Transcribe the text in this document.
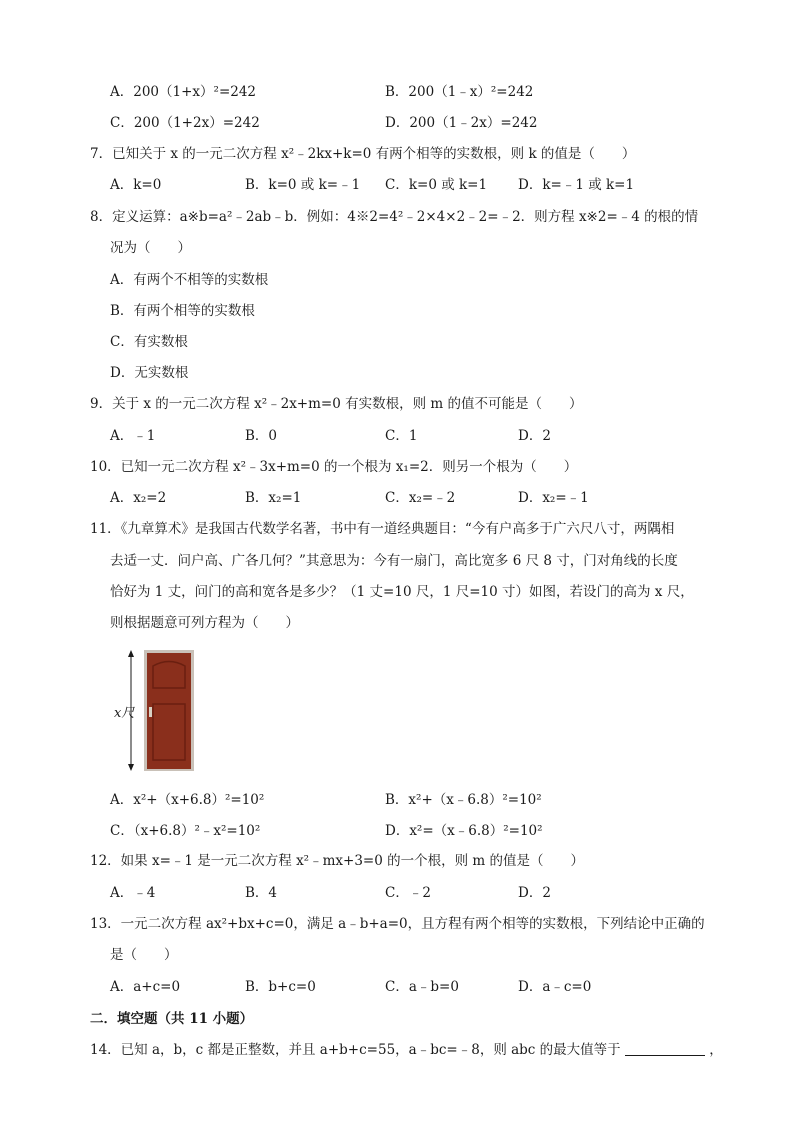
A．200（1+x）²=242	B．200（1﹣x）²=242
C．200（1+2x）=242	D．200（1﹣2x）=242
7．已知关于 x 的一元二次方程 x²﹣2kx+k=0 有两个相等的实数根，则 k 的值是（　　）
A．k=0	B．k=0 或 k=﹣1 C．k=0 或 k=1 D．k=﹣1 或 k=1
8．定义运算：a※b=a²﹣2ab﹣b．例如：4※2=4²﹣2×4×2﹣2=﹣2．则方程 x※2=﹣4 的根的情
况为（　　）
A．有两个不相等的实数根
B．有两个相等的实数根
C．有实数根
D．无实数根
9．关于 x 的一元二次方程 x²﹣2x+m=0 有实数根，则 m 的值不可能是（　　）
A．﹣1	B．0	C．1	D．2
10．已知一元二次方程 x²﹣3x+m=0 的一个根为 x₁=2．则另一个根为（　　）
A．x₂=2	B．x₂=1	C．x₂=﹣2	D．x₂=﹣1
11．《九章算术》是我国古代数学名著，书中有一道经典题目：“今有户高多于广六尺八寸，两隅相
去适一丈．问户高、广各几何？”其意思为：今有一扇门，高比宽多 6 尺 8 寸，门对角线的长度
恰好为 1 丈，问门的高和宽各是多少？（1 丈=10 尺，1 尺=10 寸）如图，若设门的高为 x 尺，
则根据题意可列方程为（　　）
x尺
A．x²+（x+6.8）²=10²	B．x²+（x﹣6.8）²=10²
C．（x+6.8）²﹣x²=10²	D．x²=（x﹣6.8）²=10²
12．如果 x=﹣1 是一元二次方程 x²﹣mx+3=0 的一个根，则 m 的值是（　　）
A．﹣4	B．4	C．﹣2	D．2
13．一元二次方程 ax²+bx+c=0，满足 a﹣b+a=0，且方程有两个相等的实数根，下列结论中正确的
是（　　）
A．a+c=0	B．b+c=0	C．a﹣b=0	D．a﹣c=0
二．填空题（共 11 小题）
14．已知 a，b，c 都是正整数，并且 a+b+c=55，a﹣bc=﹣8，则 abc 的最大值等于	，
